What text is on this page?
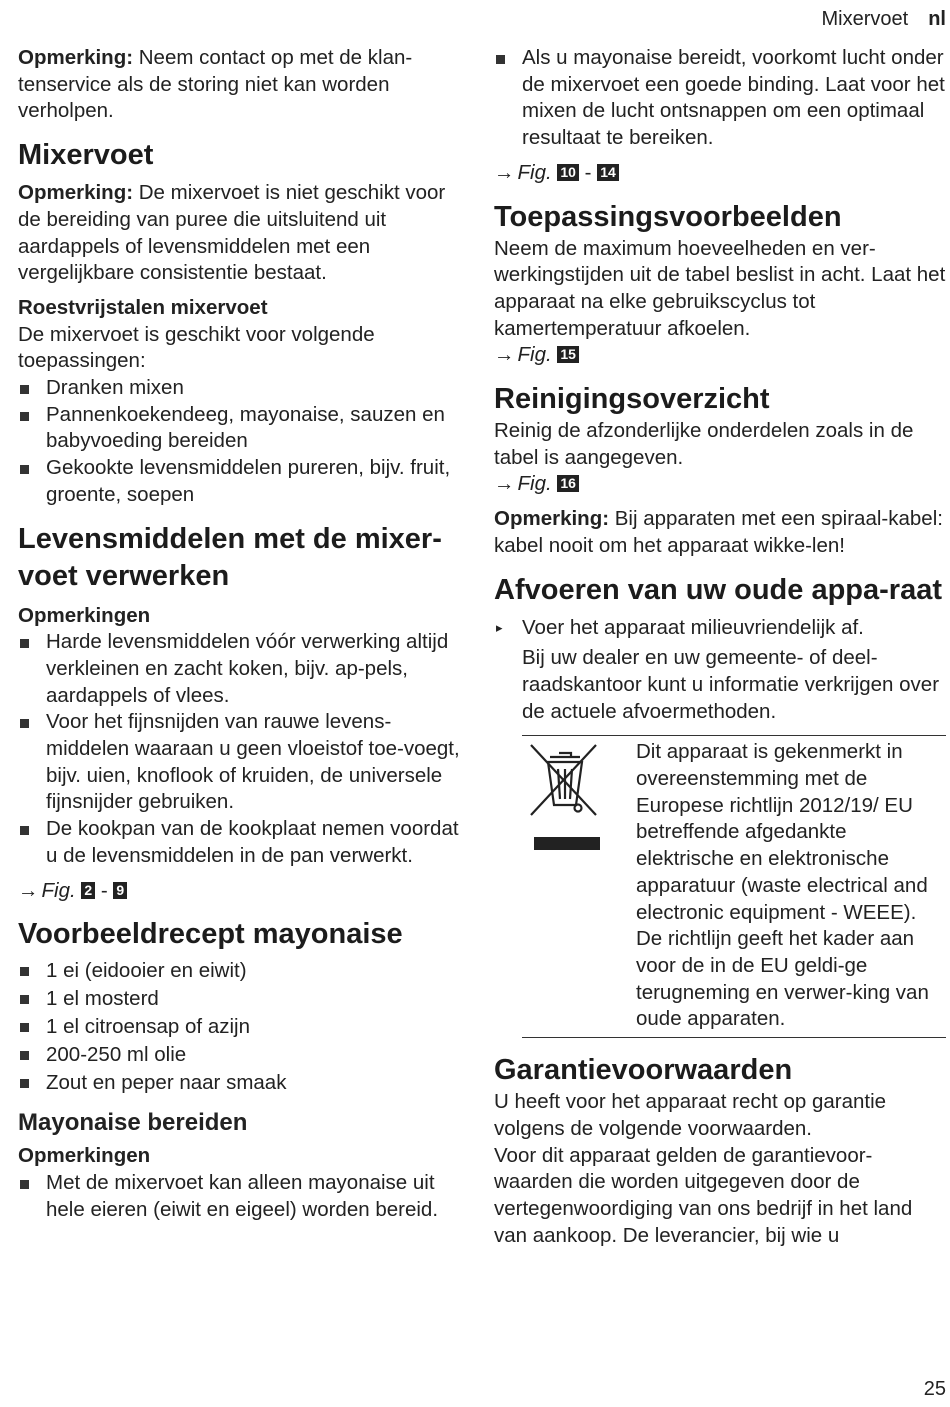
Mixervoet nl

Opmerking: Neem contact op met de klan-tenservice als de storing niet kan worden verholpen.

Mixervoet

Opmerking: De mixervoet is niet geschikt voor de bereiding van puree die uitsluitend uit aardappels of levensmiddelen met een vergelijkbare consistentie bestaat.

Roestvrijstalen mixervoet

De mixervoet is geschikt voor volgende toepassingen:

Dranken mixen
Pannenkoekendeeg, mayonaise, sauzen en babyvoeding bereiden
Gekookte levensmiddelen pureren, bijv. fruit, groente, soepen
Levensmiddelen met de mixer-voet verwerken

Opmerkingen

Harde levensmiddelen vóór verwerking altijd verkleinen en zacht koken, bijv. ap-pels, aardappels of vlees.
Voor het fijnsnijden van rauwe levens-middelen waaraan u geen vloeistof toe-voegt, bijv. uien, knoflook of kruiden, de universele fijnsnijder gebruiken.
De kookpan van de kookplaat nemen voordat u de levensmiddelen in de pan verwerkt.

→ Fig. 2 - 9

Voorbeeldrecept mayonaise
1 ei (eidooier en eiwit)
1 el mosterd
1 el citroensap of azijn
200-250 ml olie
Zout en peper naar smaak

Mayonaise bereiden

Opmerkingen

Met de mixervoet kan alleen mayonaise uit hele eieren (eiwit en eigeel) worden bereid.
Als u mayonaise bereidt, voorkomt lucht onder de mixervoet een goede binding. Laat voor het mixen de lucht ontsnappen om een optimaal resultaat te bereiken.

→ Fig. 10 - 14

Toepassingsvoorbeelden

Neem de maximum hoeveelheden en ver-werkingstijden uit de tabel beslist in acht. Laat het apparaat na elke gebruikscyclus tot kamertemperatuur afkoelen.

→ Fig. 15

Reinigingsoverzicht

Reinig de afzonderlijke onderdelen zoals in de tabel is aangegeven.

→ Fig. 16

Opmerking: Bij apparaten met een spiraal-kabel: kabel nooit om het apparaat wikke-len!

Afvoeren van uw oude appa-raat
▸ Voer het apparaat milieuvriendelijk af.

Bij uw dealer en uw gemeente- of deel-raadskantoor kunt u informatie verkrijgen over de actuele afvoermethoden.

Dit apparaat is gekenmerkt in overeenstemming met de Europese richtlijn 2012/19/ EU betreffende afgedankte elektrische en elektronische apparatuur (waste electrical and electronic equipment - WEEE).

De richtlijn geeft het kader aan voor de in de EU geldi-ge terugneming en verwer-king van oude apparaten.

Garantievoorwaarden

U heeft voor het apparaat recht op garantie volgens de volgende voorwaarden.

Voor dit apparaat gelden de garantievoor-waarden die worden uitgegeven door de vertegenwoordiging van ons bedrijf in het land van aankoop. De leverancier, bij wie u

25
